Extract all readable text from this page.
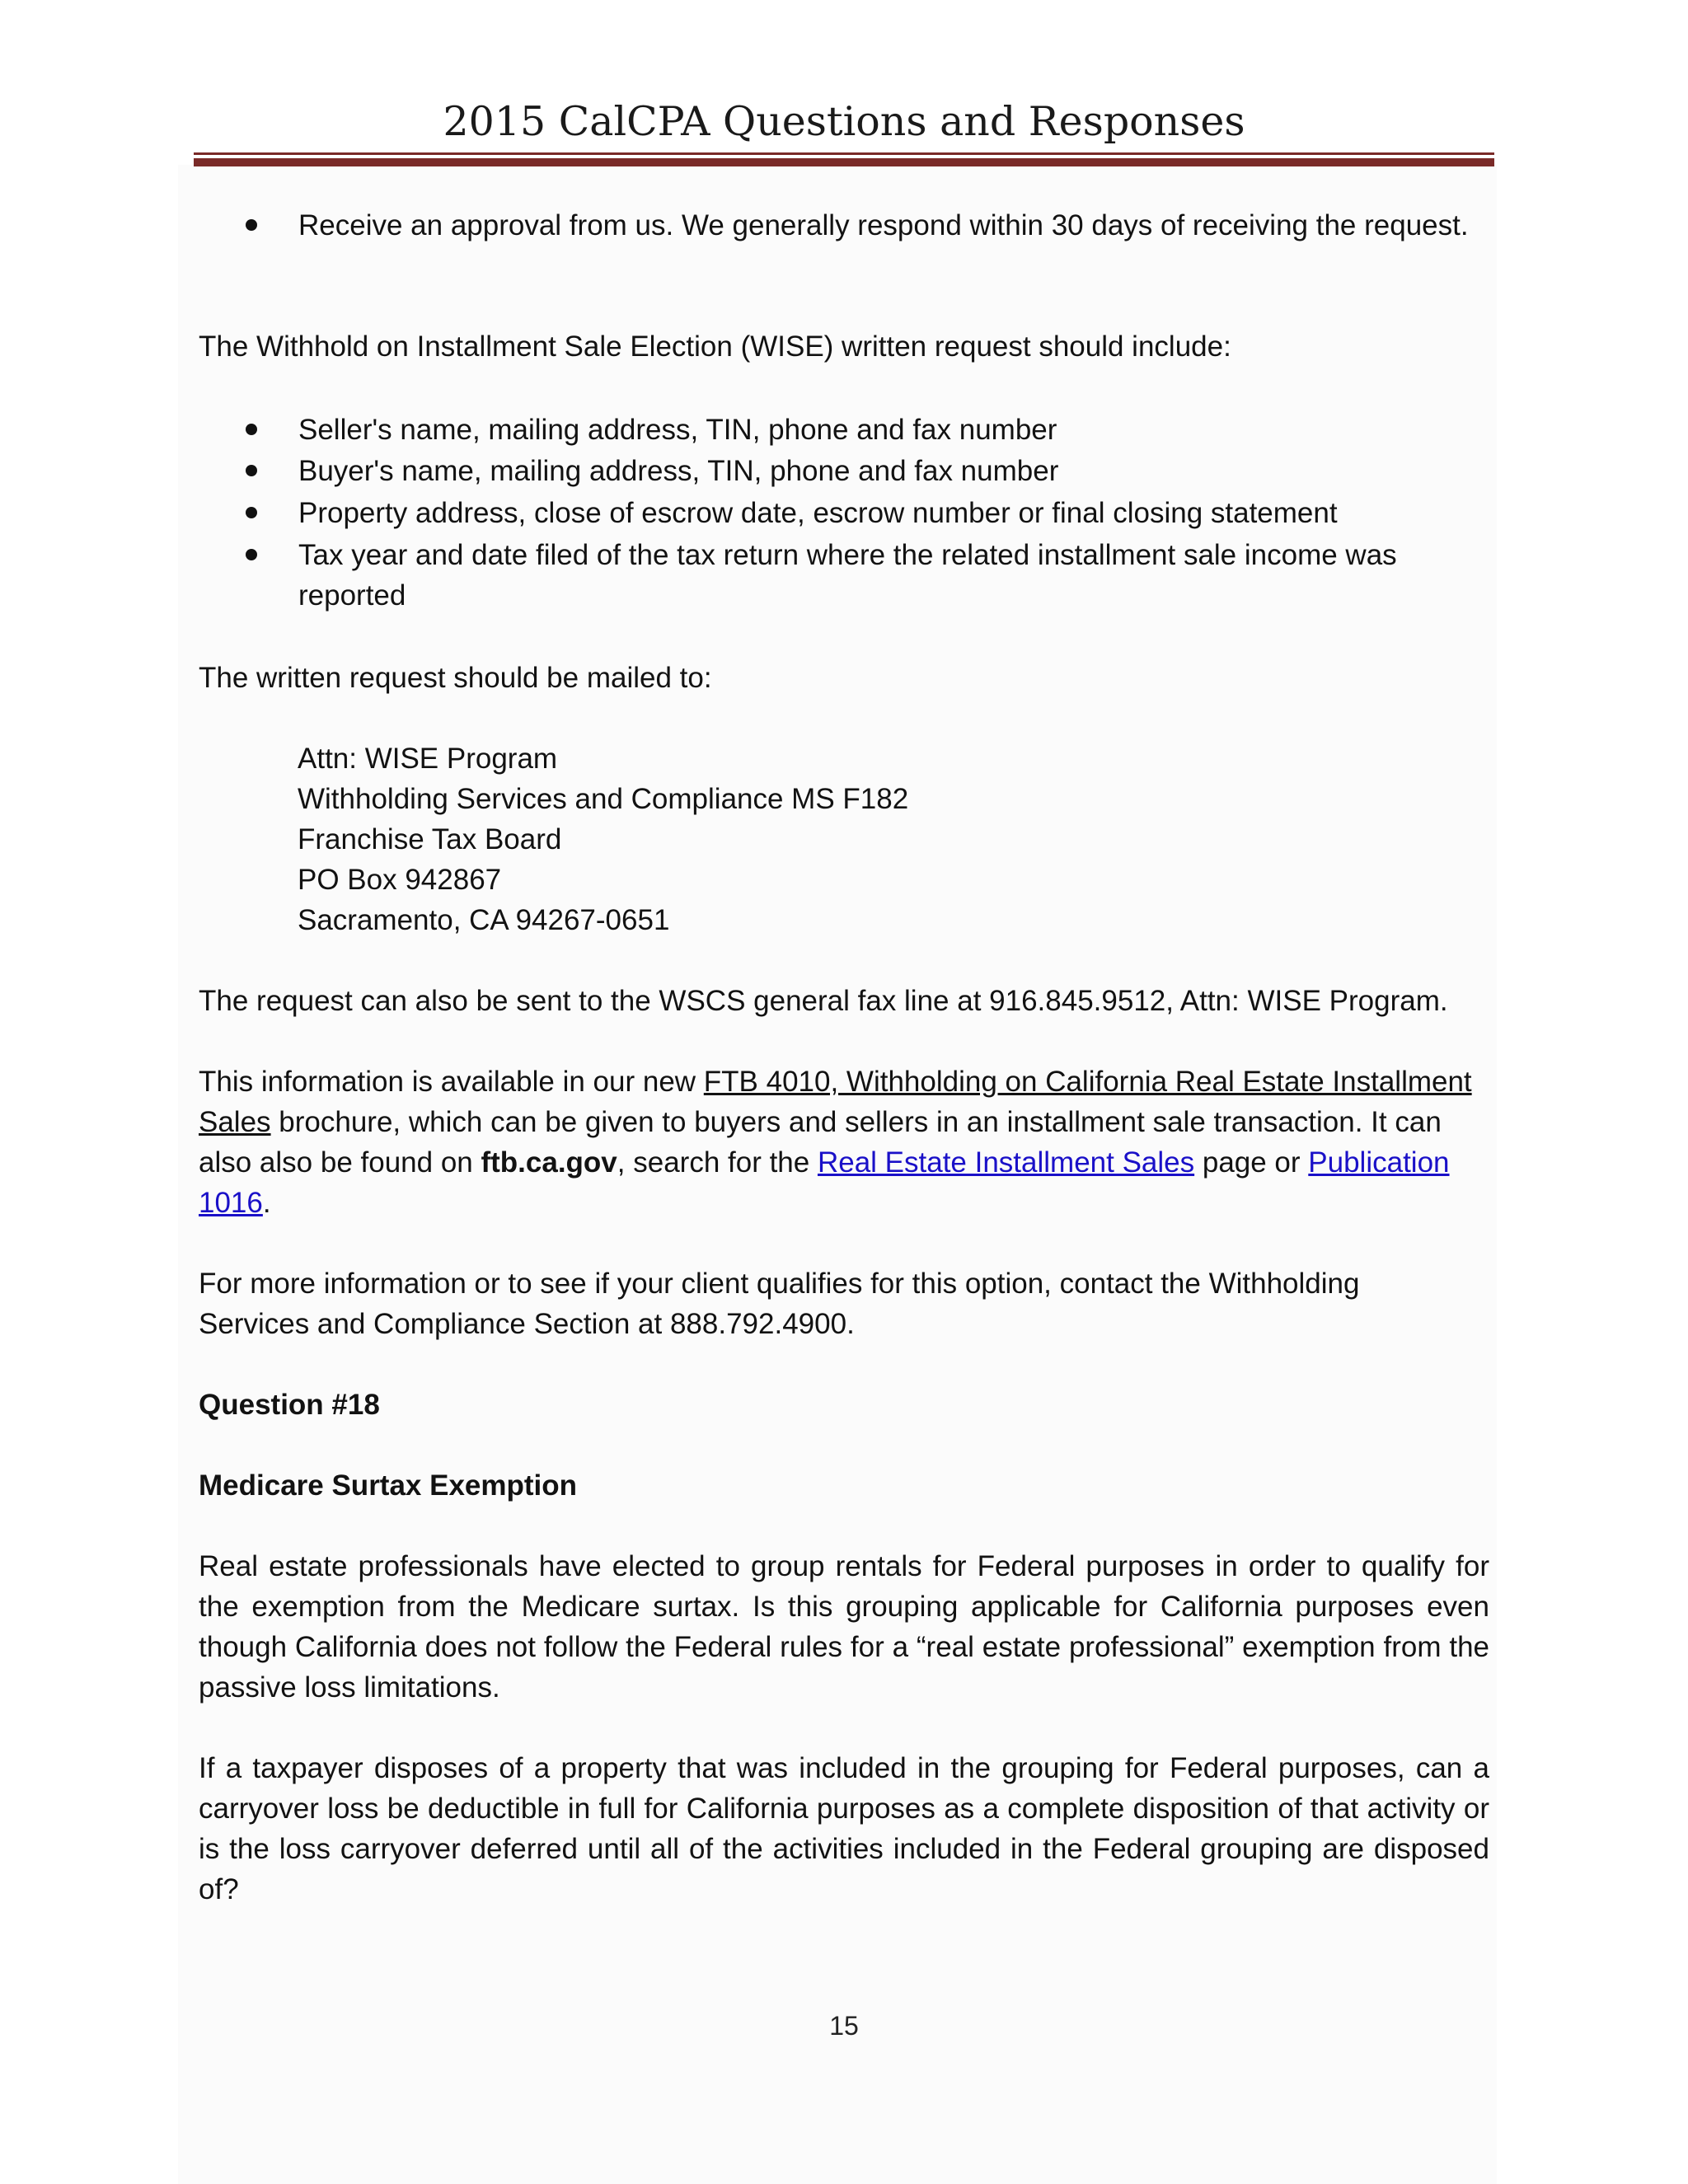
2015 CalCPA Questions and Responses
Receive an approval from us. We generally respond within 30 days of receiving the request.
The Withhold on Installment Sale Election (WISE) written request should include:
Seller's name, mailing address, TIN, phone and fax number
Buyer's name, mailing address, TIN, phone and fax number
Property address, close of escrow date, escrow number or final closing statement
Tax year and date filed of the tax return where the related installment sale income was reported
The written request should be mailed to:
Attn: WISE Program
Withholding Services and Compliance MS F182
Franchise Tax Board
PO Box 942867
Sacramento, CA 94267-0651
The request can also be sent to the WSCS general fax line at 916.845.9512, Attn: WISE Program.
This information is available in our new FTB 4010, Withholding on California Real Estate Installment Sales brochure, which can be given to buyers and sellers in an installment sale transaction. It can also also be found on ftb.ca.gov, search for the Real Estate Installment Sales page or Publication 1016.
For more information or to see if your client qualifies for this option, contact the Withholding Services and Compliance Section at 888.792.4900.
Question #18
Medicare Surtax Exemption
Real estate professionals have elected to group rentals for Federal purposes in order to qualify for the exemption from the Medicare surtax. Is this grouping applicable for California purposes even though California does not follow the Federal rules for a “real estate professional” exemption from the passive loss limitations.
If a taxpayer disposes of a property that was included in the grouping for Federal purposes, can a carryover loss be deductible in full for California purposes as a complete disposition of that activity or is the loss carryover deferred until all of the activities included in the Federal grouping are disposed of?
15
